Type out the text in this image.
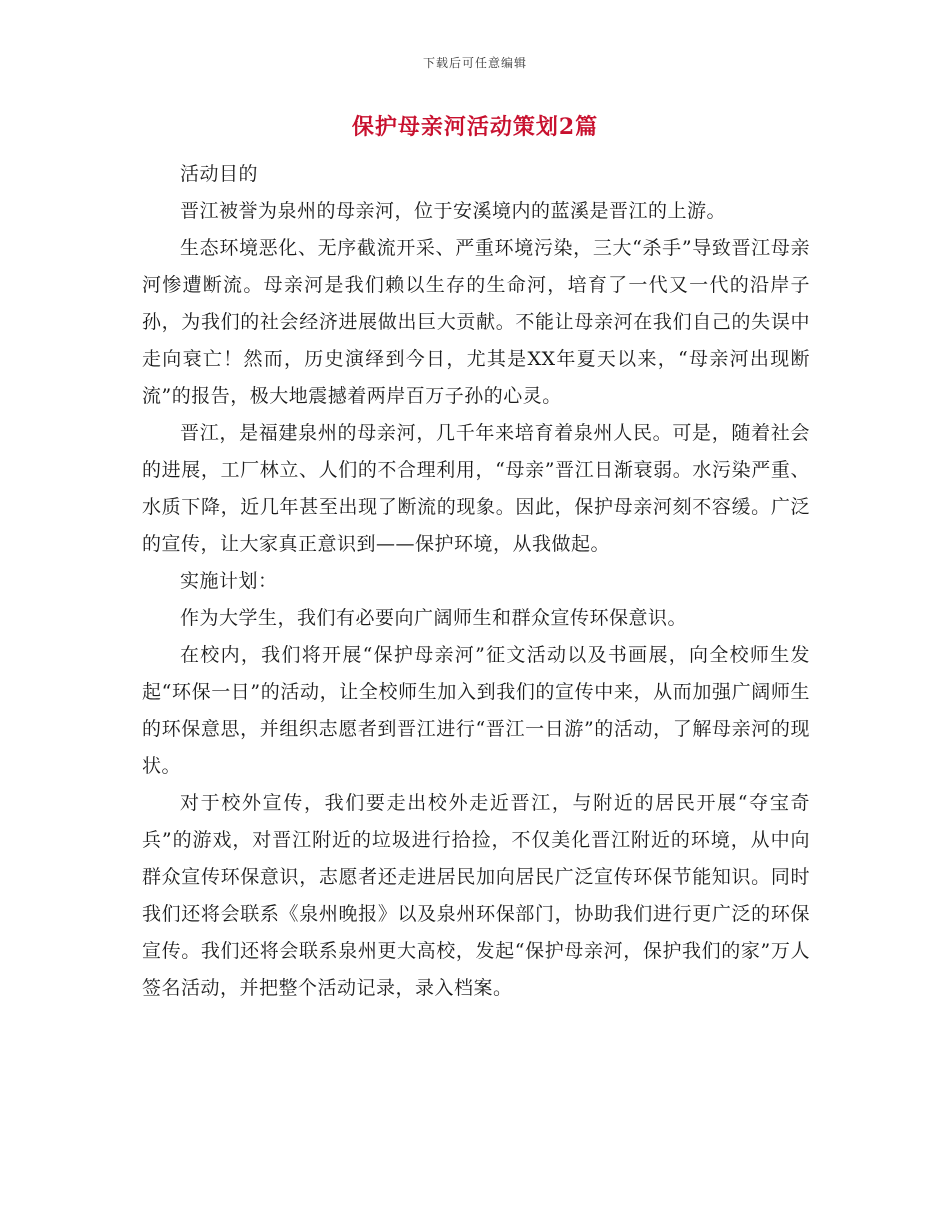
下载后可任意编辑
保护母亲河活动策划2篇

活动目的

晋江被誉为泉州的母亲河，位于安溪境内的蓝溪是晋江的上游。

生态环境恶化、无序截流开采、严重环境污染，三大“杀手”导致晋江母亲河惨遭断流。母亲河是我们赖以生存的生命河，培育了一代又一代的沿岸子孙，为我们的社会经济进展做出巨大贡献。不能让母亲河在我们自己的失误中走向衰亡！然而，历史演绎到今日，尤其是XX年夏天以来，“母亲河出现断流”的报告，极大地震撼着两岸百万子孙的心灵。

晋江，是福建泉州的母亲河，几千年来培育着泉州人民。可是，随着社会的进展，工厂林立、人们的不合理利用，“母亲”晋江日渐衰弱。水污染严重、水质下降，近几年甚至出现了断流的现象。因此，保护母亲河刻不容缓。广泛的宣传，让大家真正意识到——保护环境，从我做起。

实施计划：

作为大学生，我们有必要向广阔师生和群众宣传环保意识。

在校内，我们将开展“保护母亲河”征文活动以及书画展，向全校师生发起“环保一日”的活动，让全校师生加入到我们的宣传中来，从而加强广阔师生的环保意思，并组织志愿者到晋江进行“晋江一日游”的活动，了解母亲河的现状。

对于校外宣传，我们要走出校外走近晋江，与附近的居民开展“夺宝奇兵”的游戏，对晋江附近的垃圾进行拾捡，不仅美化晋江附近的环境，从中向群众宣传环保意识，志愿者还走进居民加向居民广泛宣传环保节能知识。同时我们还将会联系《泉州晚报》以及泉州环保部门，协助我们进行更广泛的环保宣传。我们还将会联系泉州更大高校，发起“保护母亲河，保护我们的家”万人签名活动，并把整个活动记录，录入档案。
